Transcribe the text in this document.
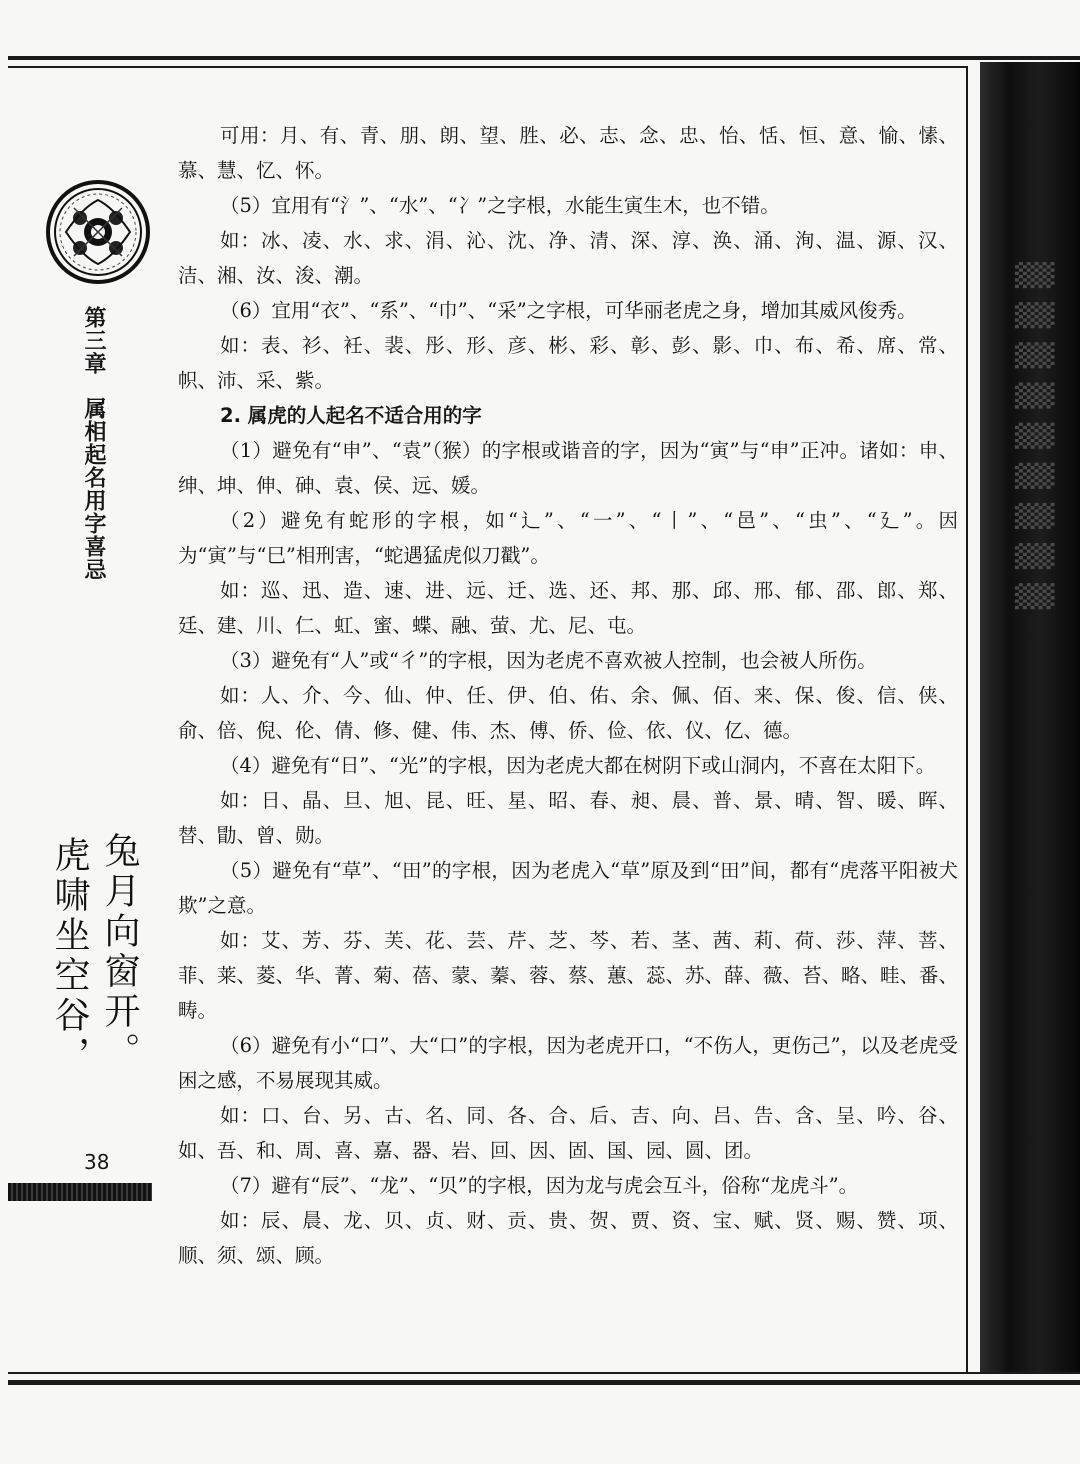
▒▒▒▒▒▒▒▒▒
第三章属相起名用字喜忌
兔月向窗开。
虎啸坐空谷，
38

可用：月、有、青、朋、朗、望、胜、必、志、念、忠、怡、恬、恒、意、愉、愫、慕、慧、忆、怀。

（5）宜用有“氵”、“水”、“冫”之字根，水能生寅生木，也不错。

如：冰、凌、水、求、涓、沁、沈、净、清、深、淳、涣、涌、洵、温、源、汉、洁、湘、汝、浚、潮。

（6）宜用“衣”、“系”、“巾”、“采”之字根，可华丽老虎之身，增加其威风俊秀。

如：表、衫、衽、裴、彤、形、彦、彬、彩、彰、彭、影、巾、布、希、席、常、帜、沛、采、紫。

2. 属虎的人起名不适合用的字

（1）避免有“申”、“袁”（猴）的字根或谐音的字，因为“寅”与“申”正冲。诸如：申、绅、坤、伸、砷、袁、侯、远、媛。

（2）避免有蛇形的字根，如“辶”、“一”、“丨”、“邑”、“虫”、“廴”。因为“寅”与“巳”相刑害，“蛇遇猛虎似刀戳”。

如：巡、迅、造、速、进、远、迁、选、还、邦、那、邱、邢、郁、邵、郎、郑、廷、建、川、仁、虹、蜜、蝶、融、萤、尤、尼、屯。

（3）避免有“人”或“彳”的字根，因为老虎不喜欢被人控制，也会被人所伤。

如：人、介、今、仙、仲、任、伊、伯、佑、余、佩、佰、来、保、俊、信、侠、俞、倍、倪、伦、倩、修、健、伟、杰、傅、侨、俭、依、仪、亿、德。

（4）避免有“日”、“光”的字根，因为老虎大都在树阴下或山洞内，不喜在太阳下。

如：日、晶、旦、旭、昆、旺、星、昭、春、昶、晨、普、景、晴、智、暖、晖、替、勖、曾、勋。

（5）避免有“草”、“田”的字根，因为老虎入“草”原及到“田”间，都有“虎落平阳被犬欺”之意。

如：艾、芳、芬、芙、花、芸、芹、芝、芩、若、茎、茜、莉、荷、莎、萍、菩、菲、莱、菱、华、菁、菊、蓓、蒙、蓁、蓉、蔡、蕙、蕊、苏、薛、薇、苔、略、畦、番、畴。

（6）避免有小“口”、大“口”的字根，因为老虎开口，“不伤人，更伤己”，以及老虎受困之感，不易展现其威。

如：口、台、另、古、名、同、各、合、后、吉、向、吕、告、含、呈、吟、谷、如、吾、和、周、喜、嘉、器、岩、回、因、固、国、园、圆、团。

（7）避有“辰”、“龙”、“贝”的字根，因为龙与虎会互斗，俗称“龙虎斗”。

如：辰、晨、龙、贝、贞、财、贡、贵、贺、贾、资、宝、赋、贤、赐、赞、项、顺、须、颂、顾。
